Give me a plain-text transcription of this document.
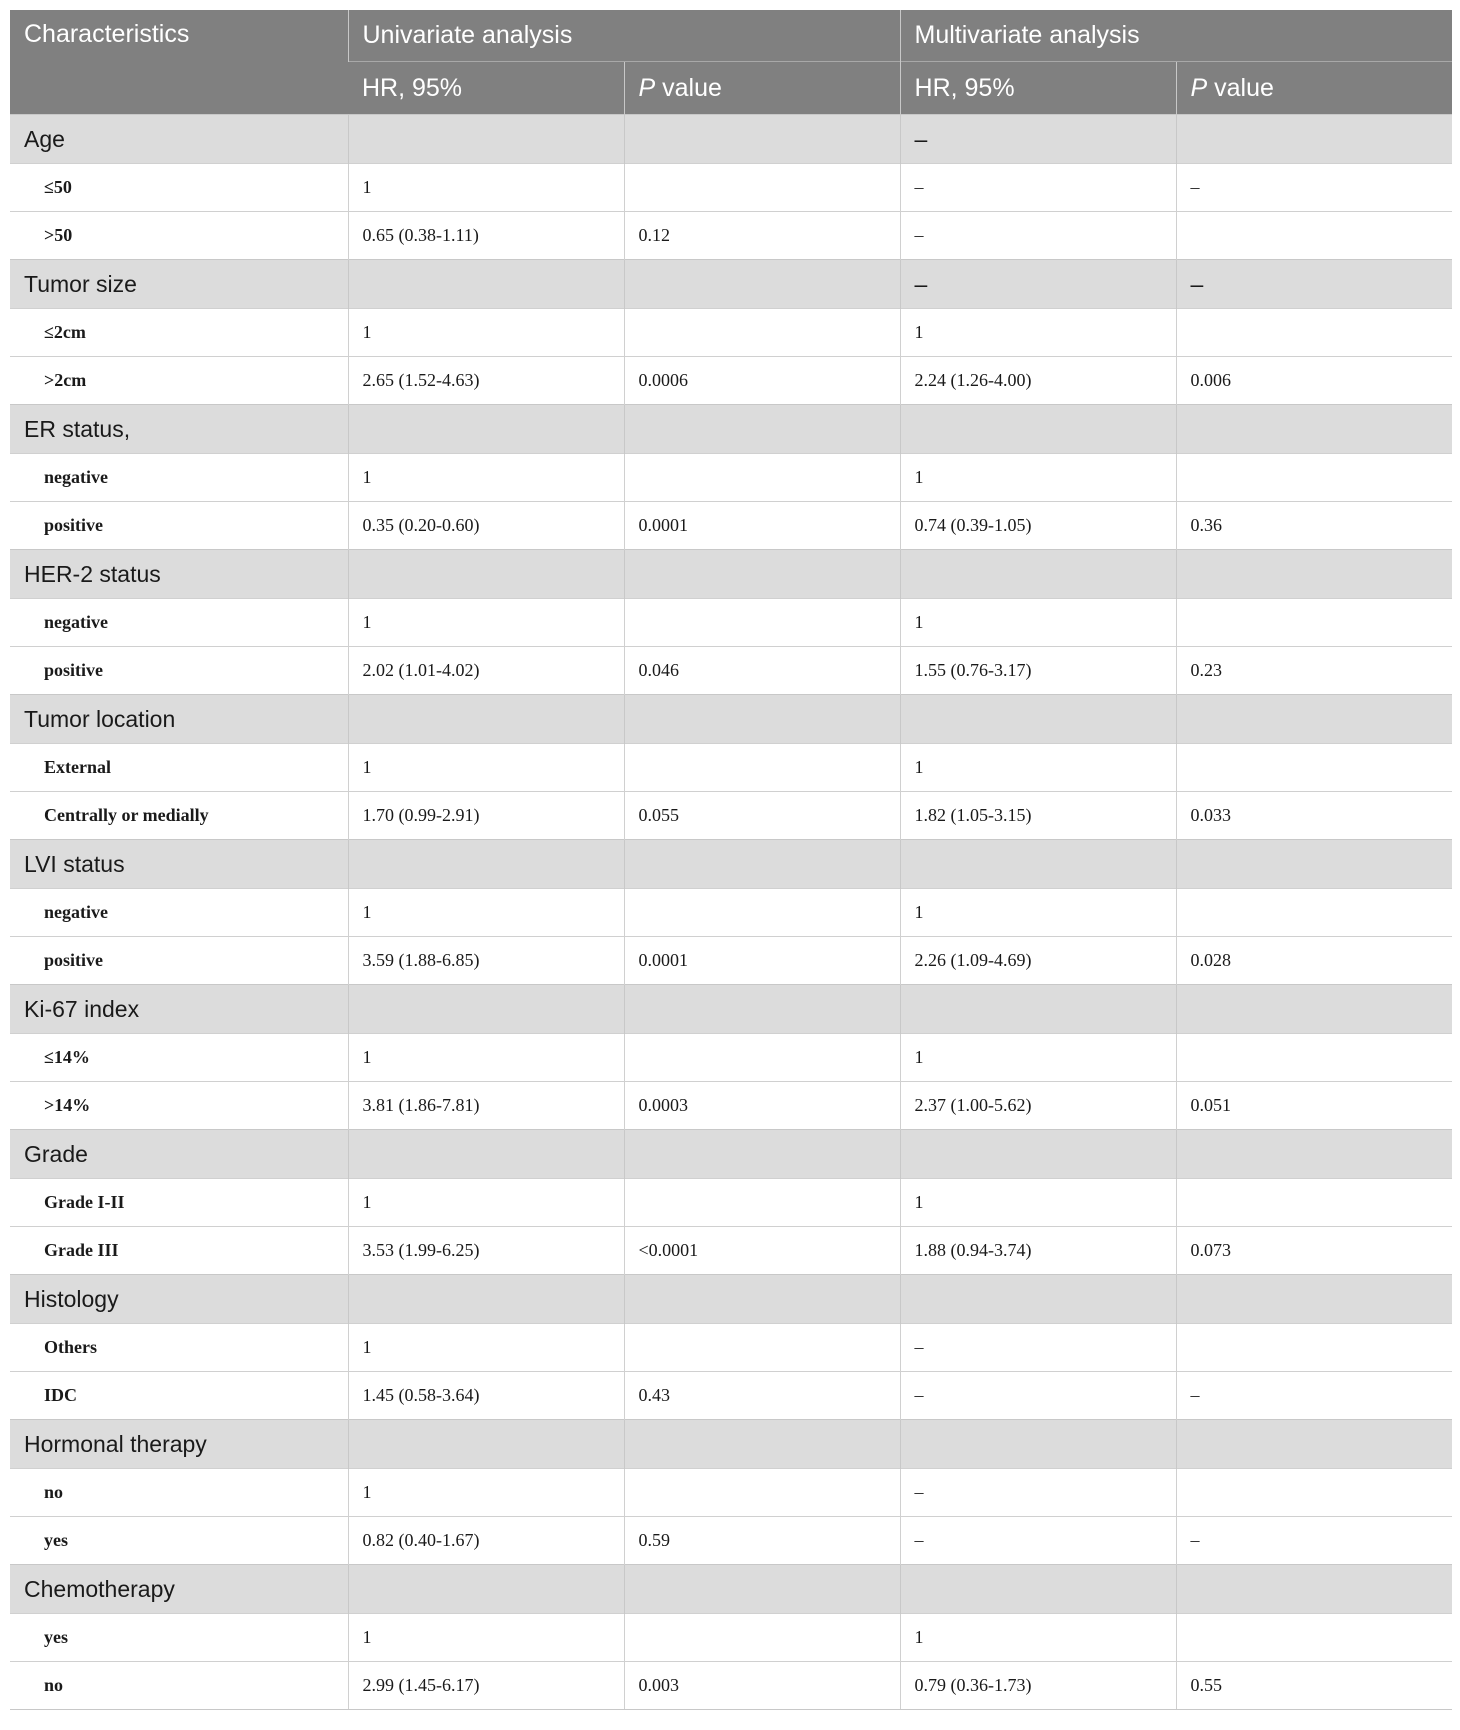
Characteristics	Univariate analysis		Multivariate analysis	
	HR, 95%	P value	HR, 95%	P value
Age			–	
≤50	1		–	–
>50	0.65 (0.38-1.11)	0.12	–	
Tumor size			–	–
≤2cm	1		1	
>2cm	2.65 (1.52-4.63)	0.0006	2.24 (1.26-4.00)	0.006
ER status,				
negative	1		1	
positive	0.35 (0.20-0.60)	0.0001	0.74 (0.39-1.05)	0.36
HER-2 status				
negative	1		1	
positive	2.02 (1.01-4.02)	0.046	1.55 (0.76-3.17)	0.23
Tumor location				
External	1		1	
Centrally or medially	1.70 (0.99-2.91)	0.055	1.82 (1.05-3.15)	0.033
LVI status				
negative	1		1	
positive	3.59 (1.88-6.85)	0.0001	2.26 (1.09-4.69)	0.028
Ki-67 index				
≤14%	1		1	
>14%	3.81 (1.86-7.81)	0.0003	2.37 (1.00-5.62)	0.051
Grade				
Grade I-II	1		1	
Grade III	3.53 (1.99-6.25)	<0.0001	1.88 (0.94-3.74)	0.073
Histology				
Others	1		–	
IDC	1.45 (0.58-3.64)	0.43	–	–
Hormonal therapy				
no	1		–	
yes	0.82 (0.40-1.67)	0.59	–	–
Chemotherapy				
yes	1		1	
no	2.99 (1.45-6.17)	0.003	0.79 (0.36-1.73)	0.55
